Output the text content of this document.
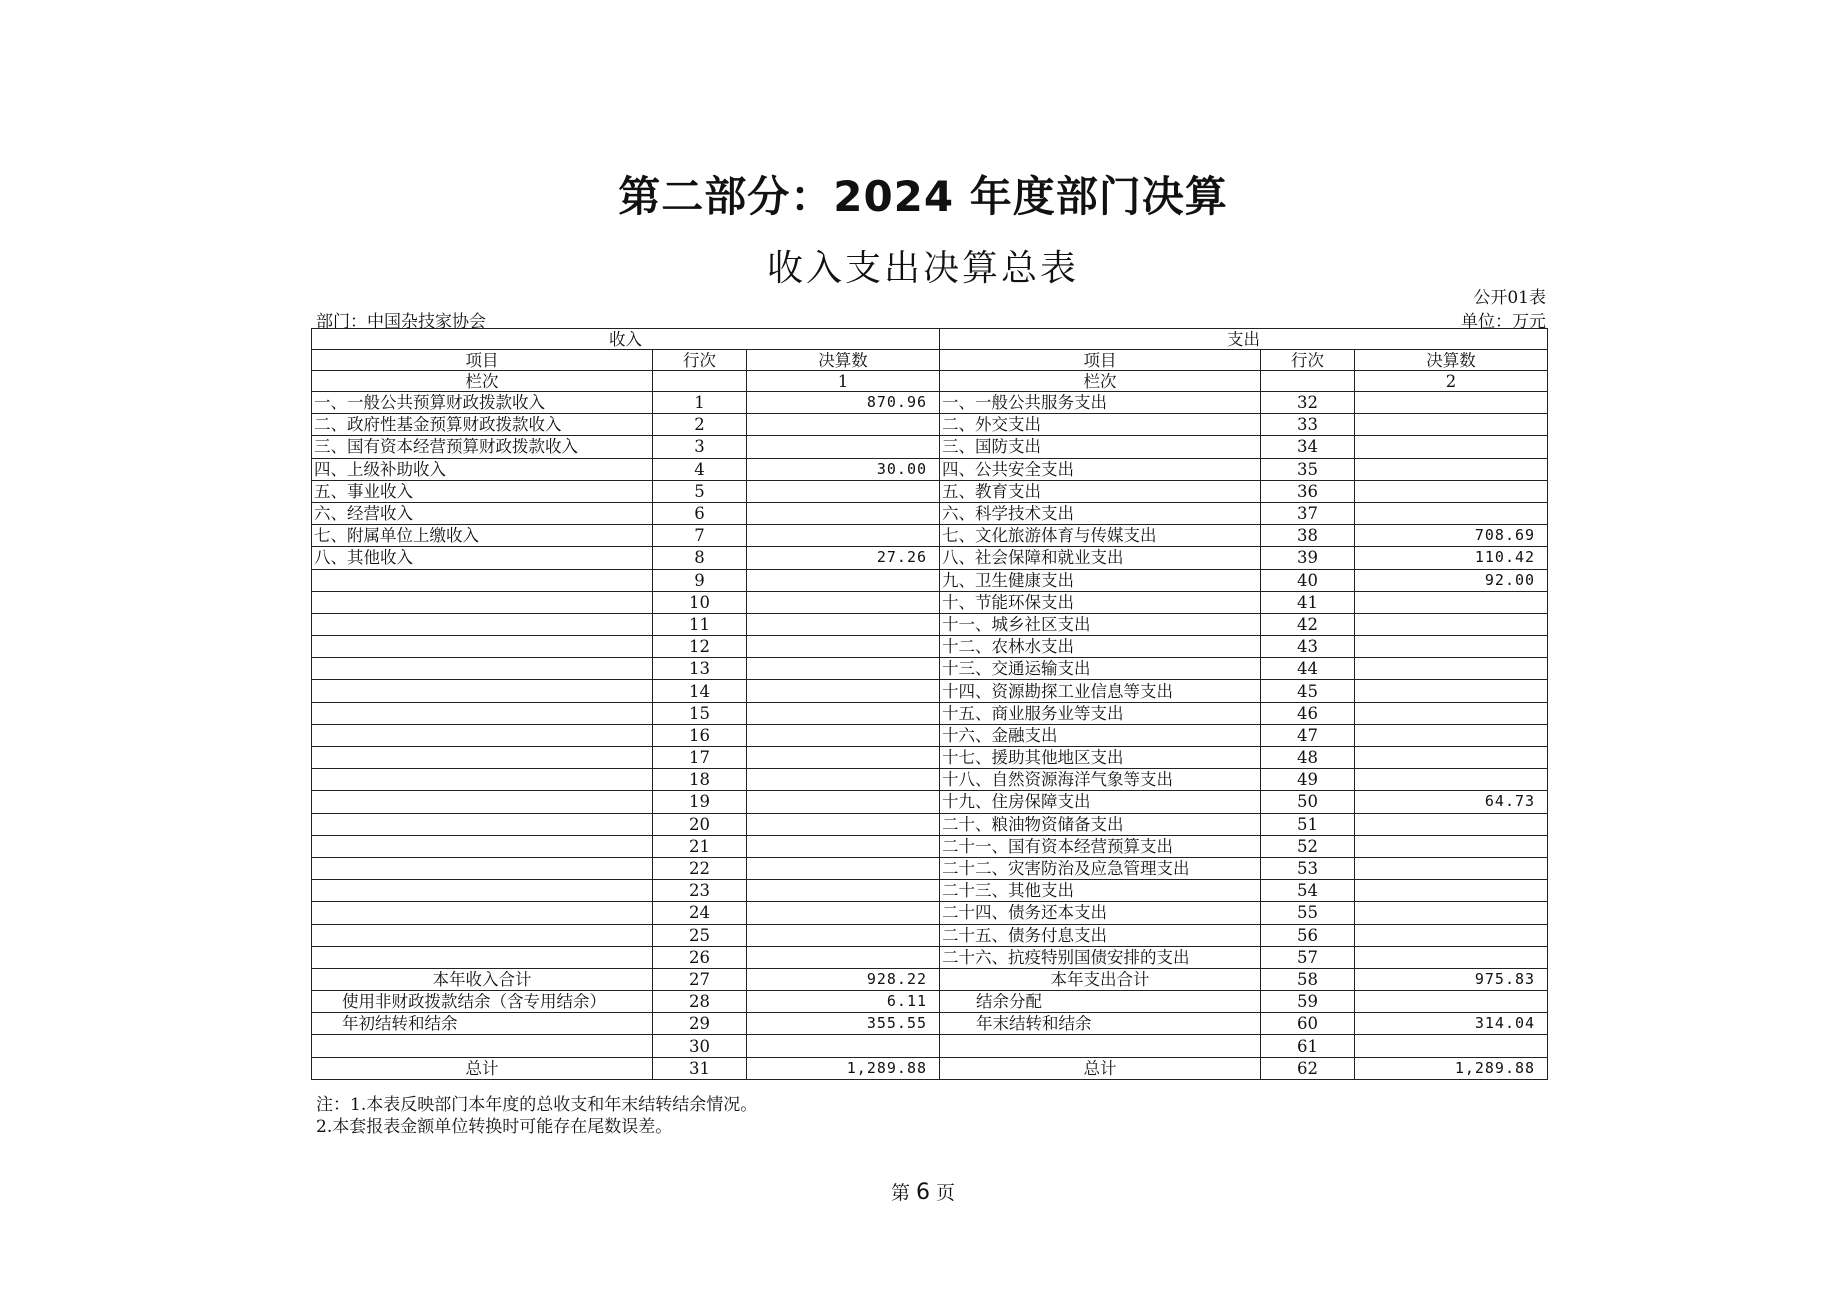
第二部分：2024 年度部门决算
收入支出决算总表
公开01表
部门：中国杂技家协会	单位：万元
收入			支出		
项目	行次	决算数	项目	行次	决算数
栏次		1	栏次		2
一、一般公共预算财政拨款收入	1	870.96	一、一般公共服务支出	32	
二、政府性基金预算财政拨款收入	2		二、外交支出	33	
三、国有资本经营预算财政拨款收入	3		三、国防支出	34	
四、上级补助收入	4	30.00	四、公共安全支出	35	
五、事业收入	5		五、教育支出	36	
六、经营收入	6		六、科学技术支出	37	
七、附属单位上缴收入	7		七、文化旅游体育与传媒支出	38	708.69
八、其他收入	8	27.26	八、社会保障和就业支出	39	110.42
	9		九、卫生健康支出	40	92.00
	10		十、节能环保支出	41	
	11		十一、城乡社区支出	42	
	12		十二、农林水支出	43	
	13		十三、交通运输支出	44	
	14		十四、资源勘探工业信息等支出	45	
	15		十五、商业服务业等支出	46	
	16		十六、金融支出	47	
	17		十七、援助其他地区支出	48	
	18		十八、自然资源海洋气象等支出	49	
	19		十九、住房保障支出	50	64.73
	20		二十、粮油物资储备支出	51	
	21		二十一、国有资本经营预算支出	52	
	22		二十二、灾害防治及应急管理支出	53	
	23		二十三、其他支出	54	
	24		二十四、债务还本支出	55	
	25		二十五、债务付息支出	56	
	26		二十六、抗疫特别国债安排的支出	57	
本年收入合计	27	928.22	本年支出合计	58	975.83
使用非财政拨款结余（含专用结余）	28	6.11	结余分配	59	
年初结转和结余	29	355.55	年末结转和结余	60	314.04
	30			61	
总计	31	1,289.88	总计	62	1,289.88
注：1.本表反映部门本年度的总收支和年末结转结余情况。
2.本套报表金额单位转换时可能存在尾数误差。
第 6 页
